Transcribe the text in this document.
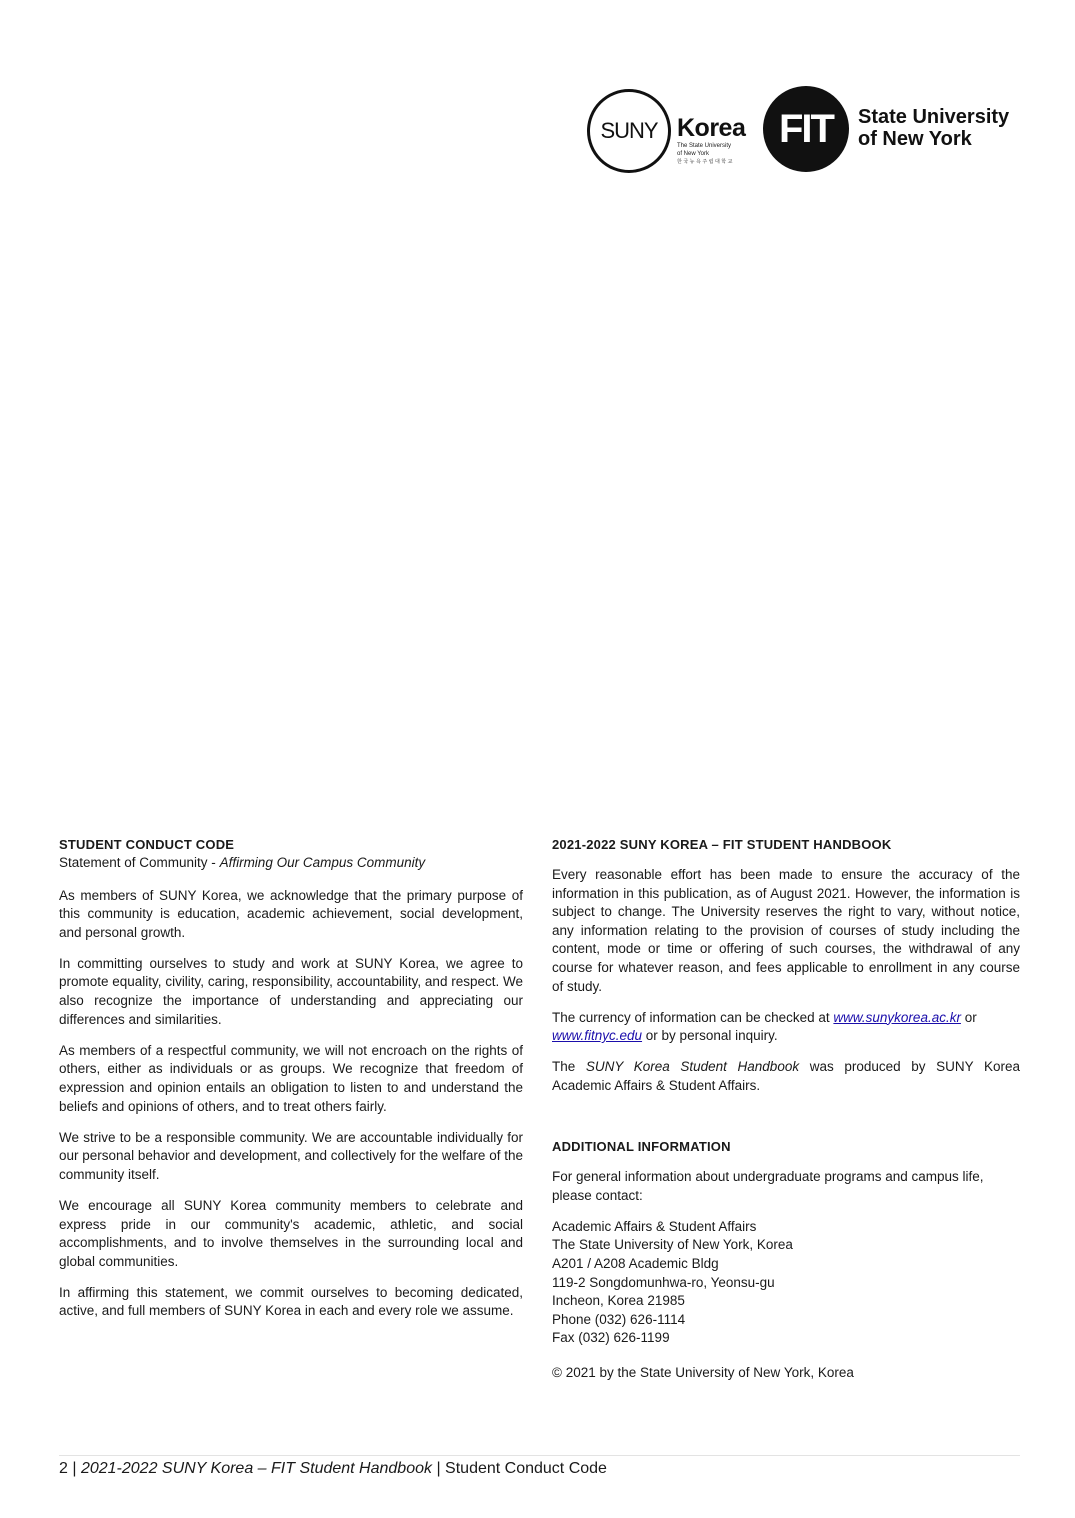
SUNY Korea
The State University
of New York
한국뉴욕주립대학교
FIT State University
of New York
STUDENT CONDUCT CODE
Statement of Community - Affirming Our Campus Community

As members of SUNY Korea, we acknowledge that the primary purpose of this community is education, academic achievement, social development, and personal growth.

In committing ourselves to study and work at SUNY Korea, we agree to promote equality, civility, caring, responsibility, accountability, and respect. We also recognize the importance of understanding and appreciating our differences and similarities.

As members of a respectful community, we will not encroach on the rights of others, either as individuals or as groups. We recognize that freedom of expression and opinion entails an obligation to listen to and understand the beliefs and opinions of others, and to treat others fairly.

We strive to be a responsible community. We are accountable individually for our personal behavior and development, and collectively for the welfare of the community itself.

We encourage all SUNY Korea community members to celebrate and express pride in our community's academic, athletic, and social accomplishments, and to involve themselves in the surrounding local and global communities.

In affirming this statement, we commit ourselves to becoming dedicated, active, and full members of SUNY Korea in each and every role we assume.

2021-2022 SUNY KOREA – FIT STUDENT HANDBOOK

Every reasonable effort has been made to ensure the accuracy of the information in this publication, as of August 2021. However, the information is subject to change. The University reserves the right to vary, without notice, any information relating to the provision of courses of study including the content, mode or time or offering of such courses, the withdrawal of any course for whatever reason, and fees applicable to enrollment in any course of study.

The currency of information can be checked at www.sunykorea.ac.kr or
www.fitnyc.edu or by personal inquiry.

The SUNY Korea Student Handbook was produced by SUNY Korea Academic Affairs & Student Affairs.

ADDITIONAL INFORMATION

For general information about undergraduate programs and campus life, please contact:

Academic Affairs & Student Affairs
The State University of New York, Korea
A201 / A208 Academic Bldg
119-2 Songdomunhwa-ro, Yeonsu-gu
Incheon, Korea 21985
Phone (032) 626-1114
Fax (032) 626-1199
© 2021 by the State University of New York, Korea
2 | 2021-2022 SUNY Korea – FIT Student Handbook | Student Conduct Code
